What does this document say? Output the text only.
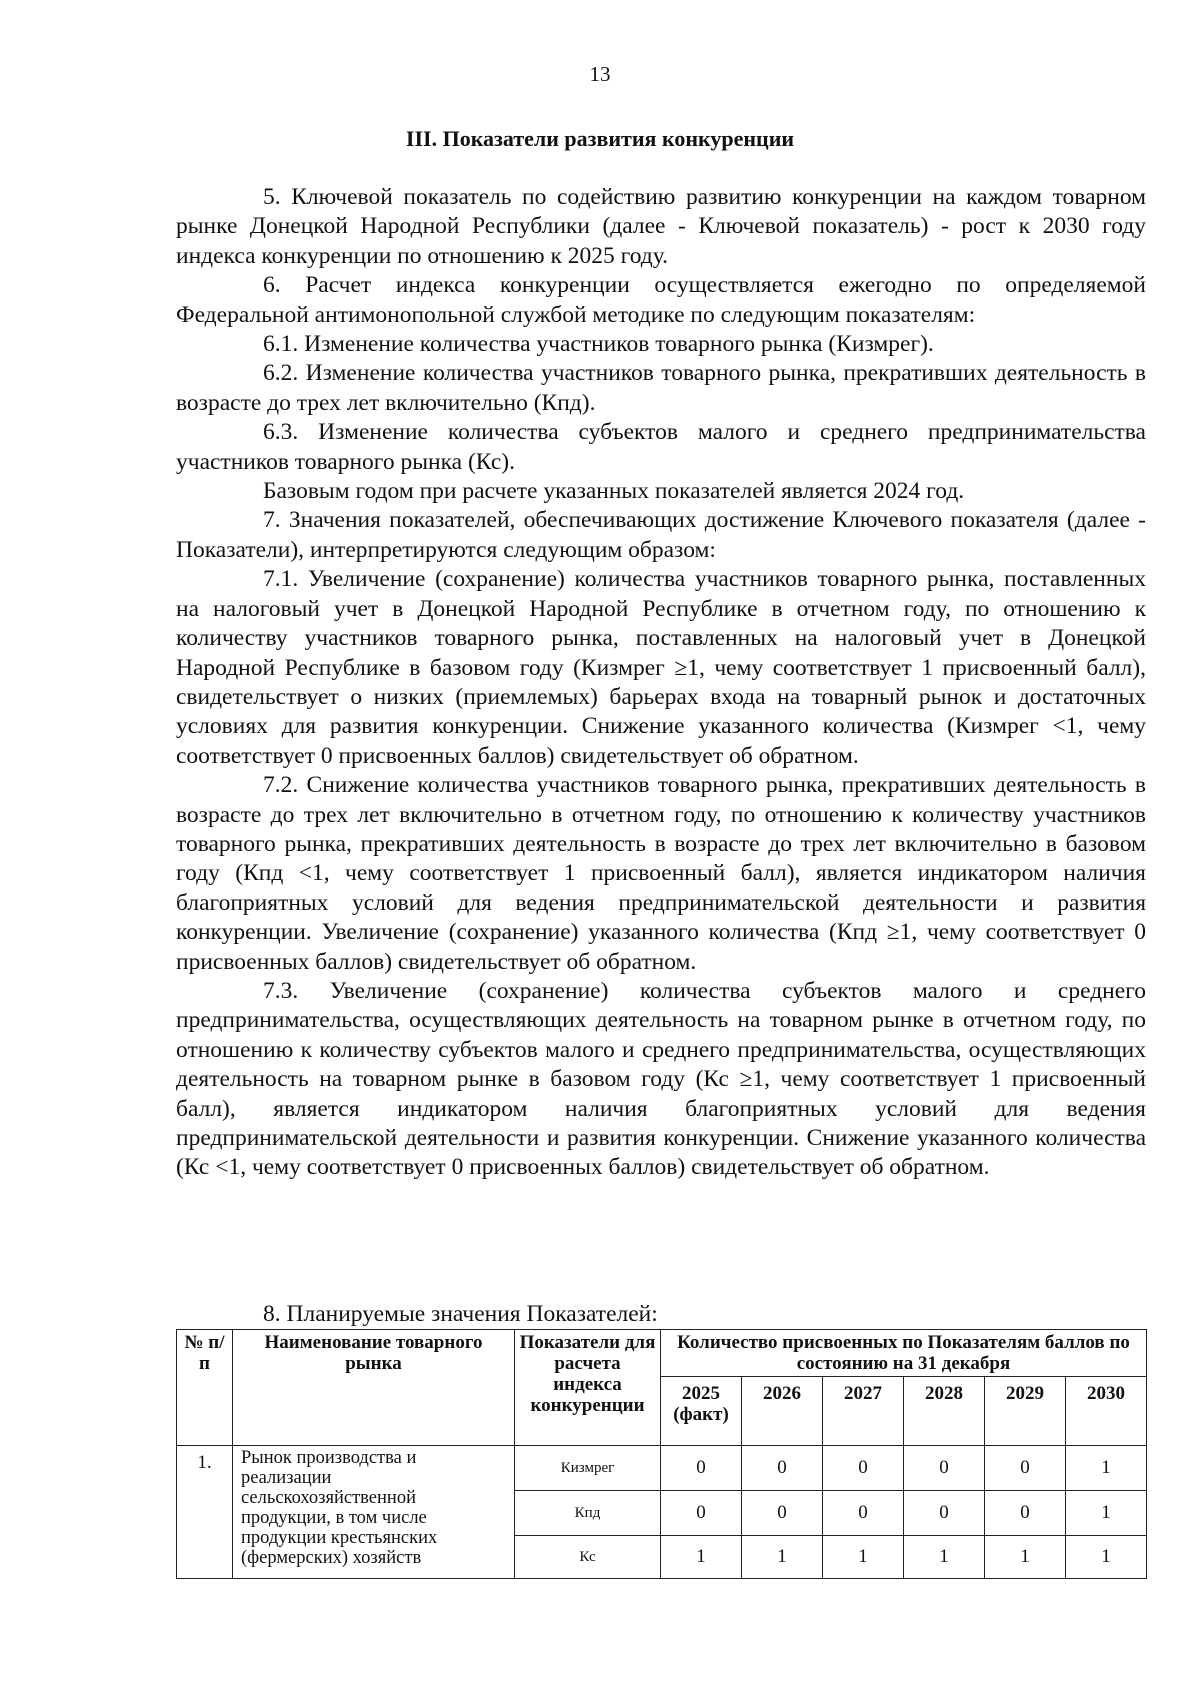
13
III. Показатели развития конкуренции

5. Ключевой показатель по содействию развитию конкуренции на каждом товарном рынке Донецкой Народной Республики (далее - Ключевой показатель) - рост к 2030 году индекса конкуренции по отношению к 2025 году.

6. Расчет индекса конкуренции осуществляется ежегодно по определяемой Федеральной антимонопольной службой методике по следующим показателям:

6.1. Изменение количества участников товарного рынка (Кизмрег).

6.2. Изменение количества участников товарного рынка, прекративших деятельность в возрасте до трех лет включительно (Кпд).

6.3. Изменение количества субъектов малого и среднего предпринимательства участников товарного рынка (Кс).

Базовым годом при расчете указанных показателей является 2024 год.

7. Значения показателей, обеспечивающих достижение Ключевого показателя (далее - Показатели), интерпретируются следующим образом:

7.1. Увеличение (сохранение) количества участников товарного рынка, поставленных на налоговый учет в Донецкой Народной Республике в отчетном году, по отношению к количеству участников товарного рынка, поставленных на налоговый учет в Донецкой Народной Республике в базовом году (Кизмрег ≥1, чему соответствует 1 присвоенный балл), свидетельствует о низких (приемлемых) барьерах входа на товарный рынок и достаточных условиях для развития конкуренции. Снижение указанного количества (Кизмрег <1, чему соответствует 0 присвоенных баллов) свидетельствует об обратном.

7.2. Снижение количества участников товарного рынка, прекративших деятельность в возрасте до трех лет включительно в отчетном году, по отношению к количеству участников товарного рынка, прекративших деятельность в возрасте до трех лет включительно в базовом году (Кпд <1, чему соответствует 1 присвоенный балл), является индикатором наличия благоприятных условий для ведения предпринимательской деятельности и развития конкуренции. Увеличение (сохранение) указанного количества (Кпд ≥1, чему соответствует 0 присвоенных баллов) свидетельствует об обратном.

7.3. Увеличение (сохранение) количества субъектов малого и среднего предпринимательства, осуществляющих деятельность на товарном рынке в отчетном году, по отношению к количеству субъектов малого и среднего предпринимательства, осуществляющих деятельность на товарном рынке в базовом году (Кс ≥1, чему соответствует 1 присвоенный балл), является индикатором наличия благоприятных условий для ведения предпринимательской деятельности и развития конкуренции. Снижение указанного количества (Кс <1, чему соответствует 0 присвоенных баллов) свидетельствует об обратном.

8. Планируемые значения Показателей:
№ п/п	Наименование товарного рынка	Показатели для расчета индекса конкуренции	Количество присвоенных по Показателям баллов по состоянию на 31 декабря					
			2025 (факт)	2026	2027	2028	2029	2030
1.	Рынок производства и реализации сельскохозяйственной продукции, в том числе продукции крестьянских (фермерских) хозяйств	Кизмрег	0	0	0	0	0	1
		Кпд	0	0	0	0	0	1
		Кс	1	1	1	1	1	1
